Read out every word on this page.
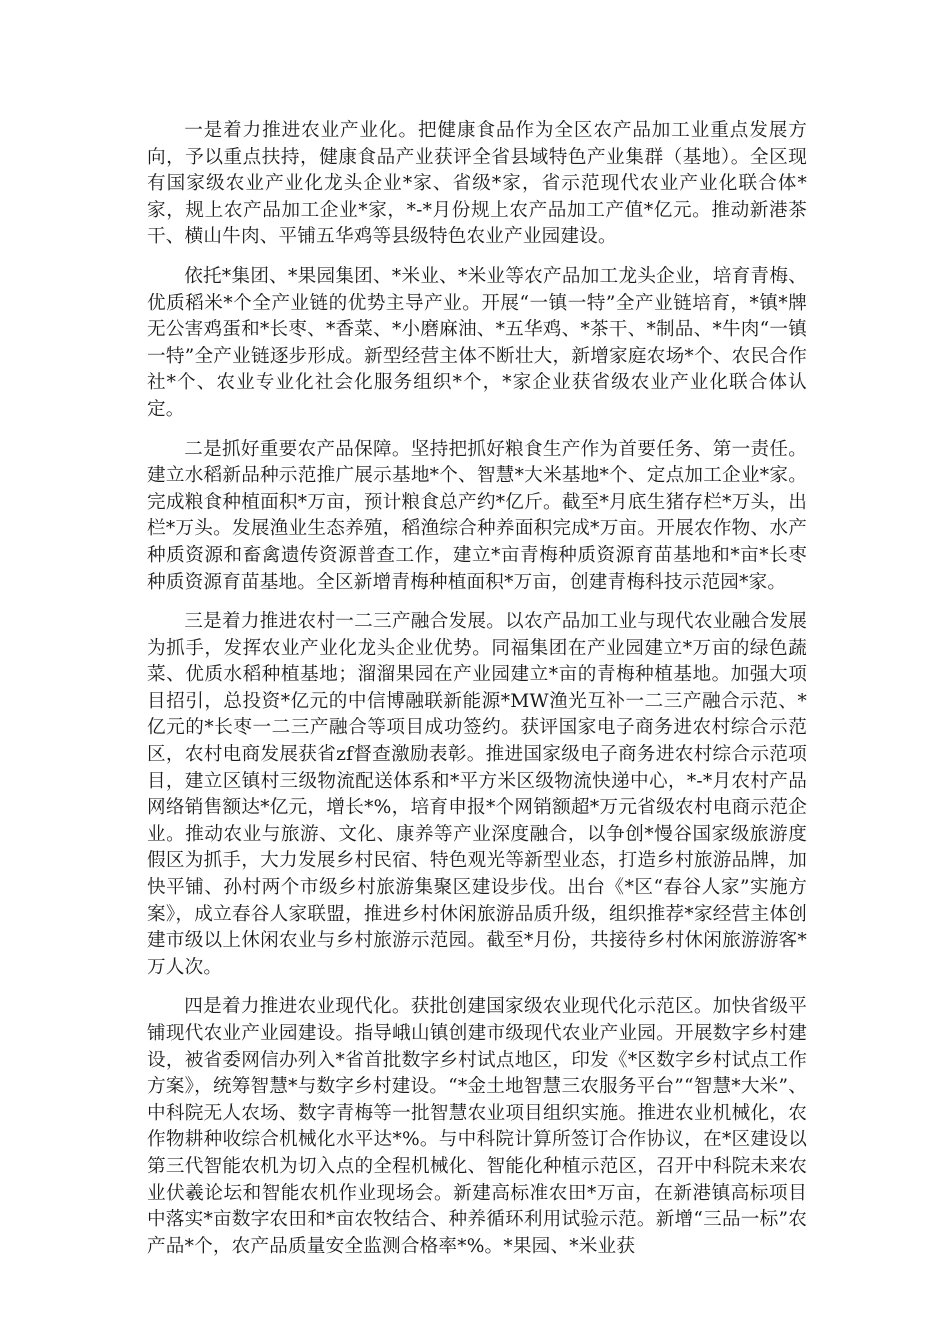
一是着力推进农业产业化。把健康食品作为全区农产品加工业重点发展方向，予以重点扶持，健康食品产业获评全省县域特色产业集群（基地）。全区现有国家级农业产业化龙头企业*家、省级*家，省示范现代农业产业化联合体*家，规上农产品加工企业*家，*-*月份规上农产品加工产值*亿元。推动新港茶干、横山牛肉、平铺五华鸡等县级特色农业产业园建设。

依托*集团、*果园集团、*米业、*米业等农产品加工龙头企业，培育青梅、优质稻米*个全产业链的优势主导产业。开展“一镇一特”全产业链培育，*镇*牌无公害鸡蛋和*长枣、*香菜、*小磨麻油、*五华鸡、*茶干、*制品、*牛肉“一镇一特”全产业链逐步形成。新型经营主体不断壮大，新增家庭农场*个、农民合作社*个、农业专业化社会化服务组织*个，*家企业获省级农业产业化联合体认定。

二是抓好重要农产品保障。坚持把抓好粮食生产作为首要任务、第一责任。建立水稻新品种示范推广展示基地*个、智慧*大米基地*个、定点加工企业*家。完成粮食种植面积*万亩，预计粮食总产约*亿斤。截至*月底生猪存栏*万头，出栏*万头。发展渔业生态养殖，稻渔综合种养面积完成*万亩。开展农作物、水产种质资源和畜禽遗传资源普查工作，建立*亩青梅种质资源育苗基地和*亩*长枣种质资源育苗基地。全区新增青梅种植面积*万亩，创建青梅科技示范园*家。

三是着力推进农村一二三产融合发展。以农产品加工业与现代农业融合发展为抓手，发挥农业产业化龙头企业优势。同福集团在产业园建立*万亩的绿色蔬菜、优质水稻种植基地；溜溜果园在产业园建立*亩的青梅种植基地。加强大项目招引，总投资*亿元的中信博融联新能源*MW渔光互补一二三产融合示范、*亿元的*长枣一二三产融合等项目成功签约。获评国家电子商务进农村综合示范区，农村电商发展获省zf督查激励表彰。推进国家级电子商务进农村综合示范项目，建立区镇村三级物流配送体系和*平方米区级物流快递中心，*-*月农村产品网络销售额达*亿元，增长*%，培育申报*个网销额超*万元省级农村电商示范企业。推动农业与旅游、文化、康养等产业深度融合，以争创*慢谷国家级旅游度假区为抓手，大力发展乡村民宿、特色观光等新型业态，打造乡村旅游品牌，加快平铺、孙村两个市级乡村旅游集聚区建设步伐。出台《*区“春谷人家”实施方案》，成立春谷人家联盟，推进乡村休闲旅游品质升级，组织推荐*家经营主体创建市级以上休闲农业与乡村旅游示范园。截至*月份，共接待乡村休闲旅游游客*万人次。

四是着力推进农业现代化。获批创建国家级农业现代化示范区。加快省级平铺现代农业产业园建设。指导峨山镇创建市级现代农业产业园。开展数字乡村建设，被省委网信办列入*省首批数字乡村试点地区，印发《*区数字乡村试点工作方案》，统筹智慧*与数字乡村建设。“*金土地智慧三农服务平台”“智慧*大米”、中科院无人农场、数字青梅等一批智慧农业项目组织实施。推进农业机械化，农作物耕种收综合机械化水平达*%。与中科院计算所签订合作协议，在*区建设以第三代智能农机为切入点的全程机械化、智能化种植示范区，召开中科院未来农业伏羲论坛和智能农机作业现场会。新建高标准农田*万亩，在新港镇高标项目中落实*亩数字农田和*亩农牧结合、种养循环利用试验示范。新增“三品一标”农产品*个，农产品质量安全监测合格率*%。*果园、*米业获
